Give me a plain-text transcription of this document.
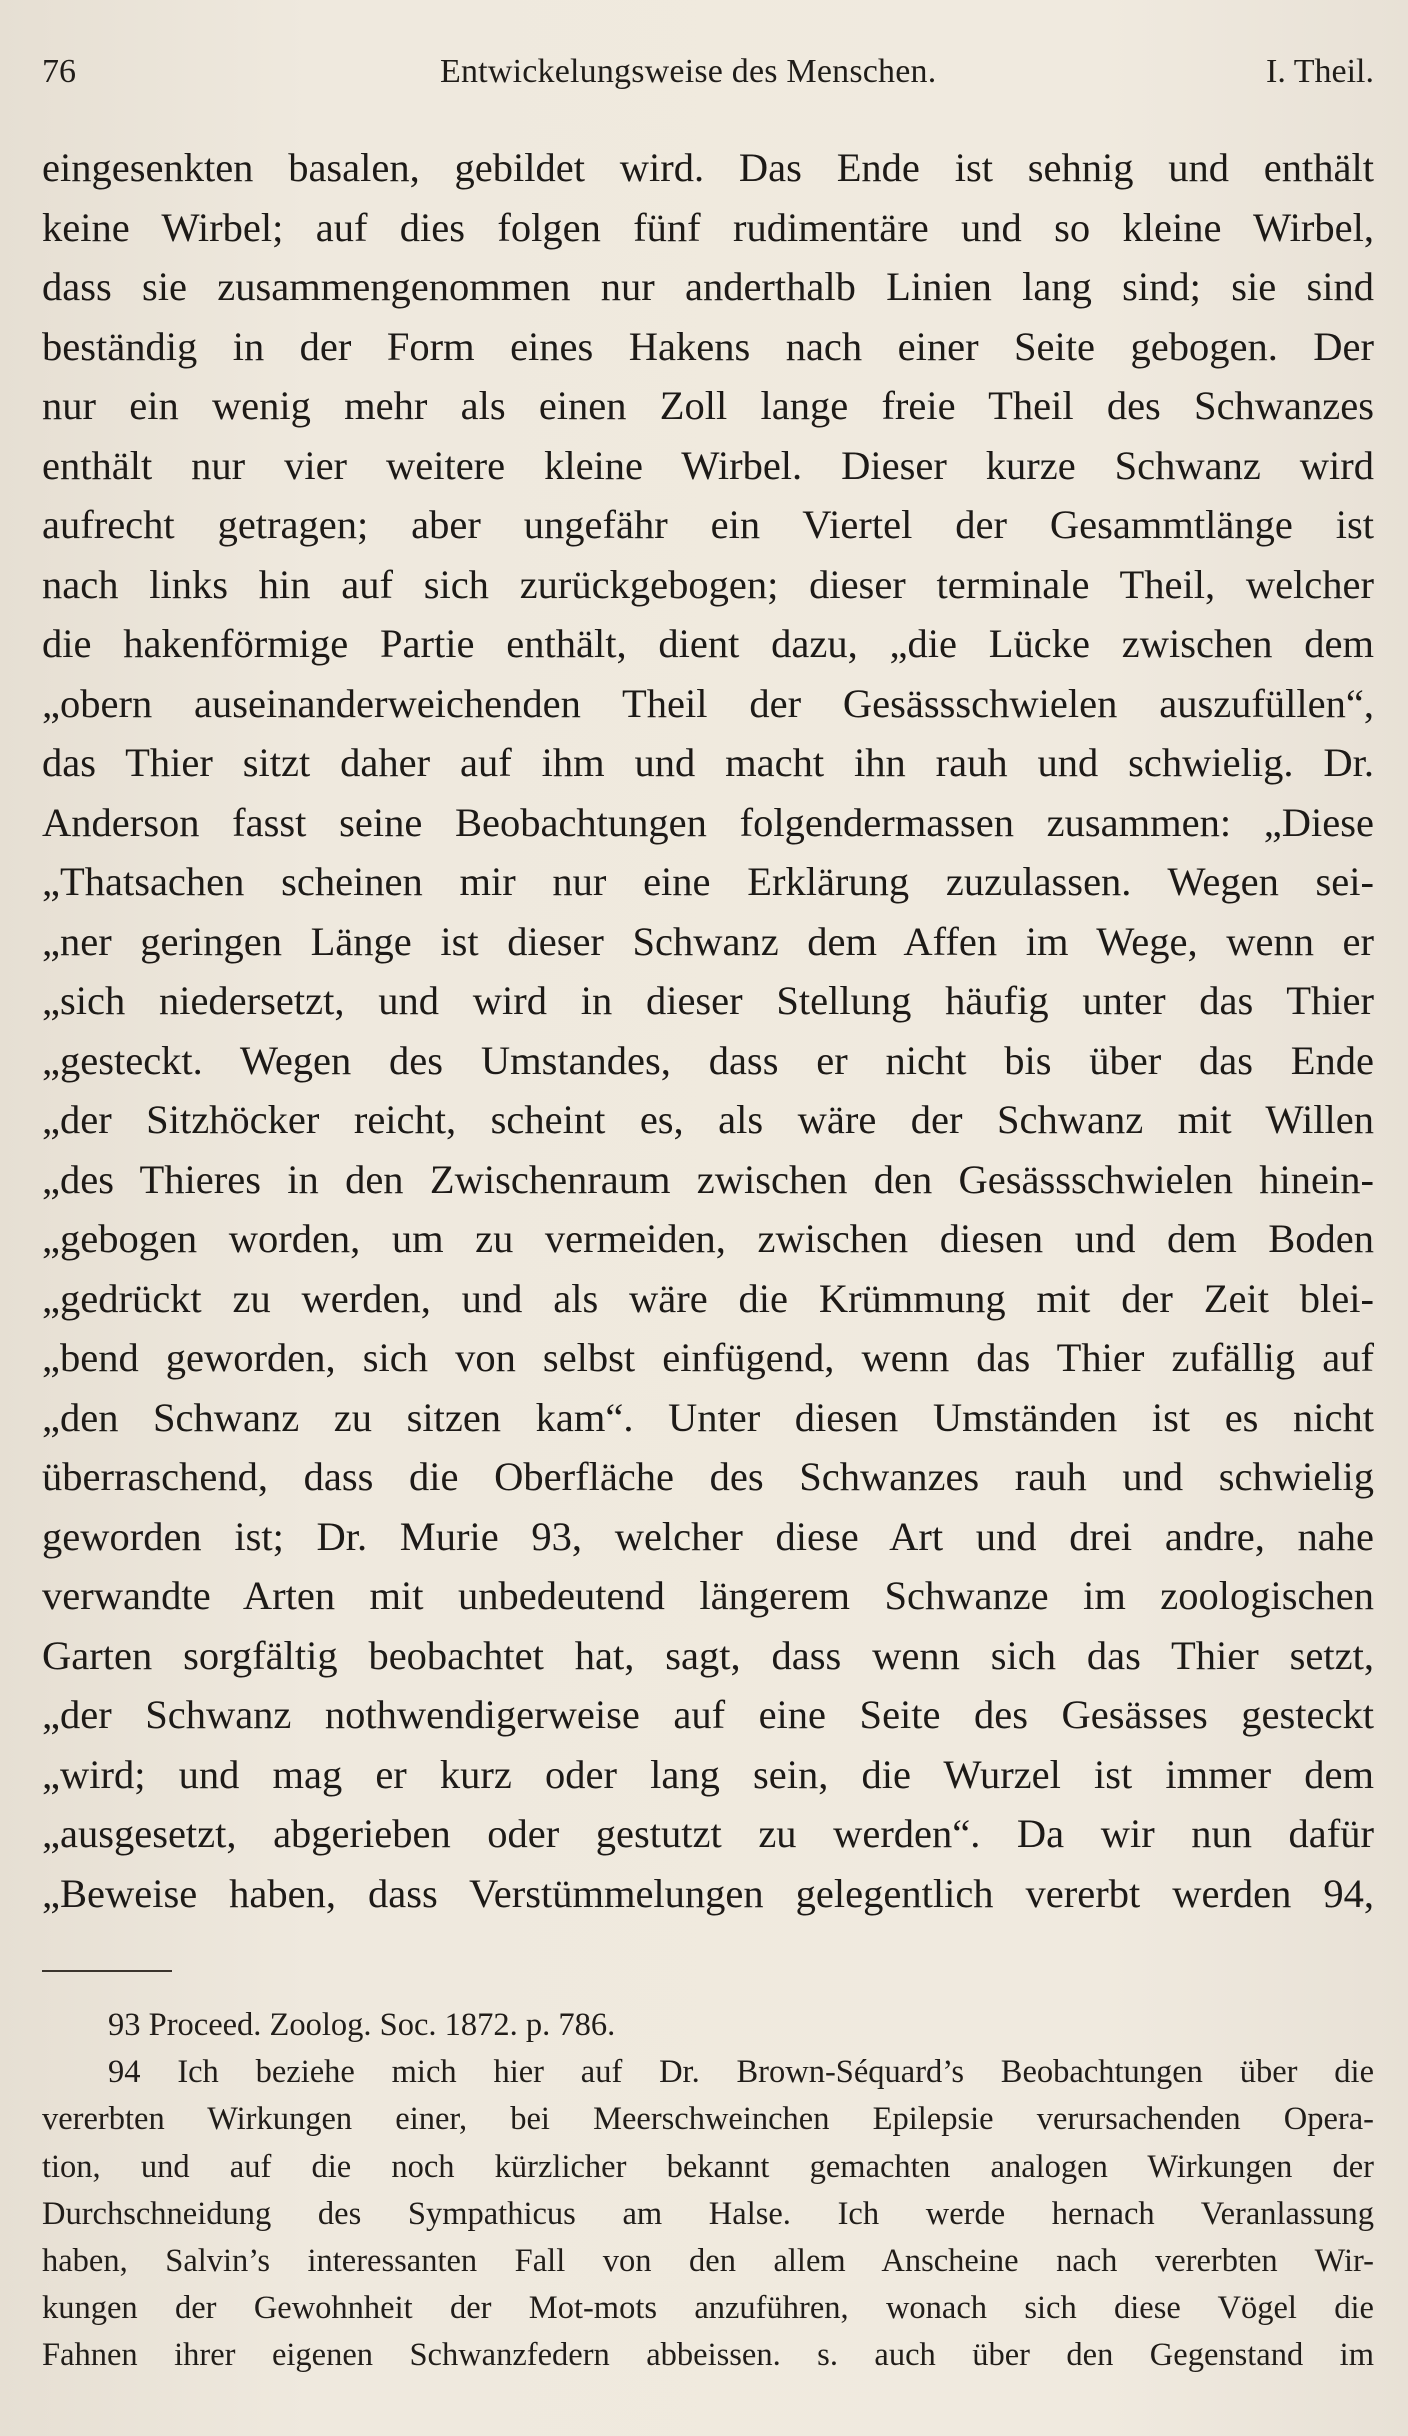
76	Entwickelungsweise des Menschen.	I. Theil.
eingesenkten basalen, gebildet wird. Das Ende ist sehnig und enthält
keine Wirbel; auf dies folgen fünf rudimentäre und so kleine Wirbel,
dass sie zusammengenommen nur anderthalb Linien lang sind; sie sind
beständig in der Form eines Hakens nach einer Seite gebogen. Der
nur ein wenig mehr als einen Zoll lange freie Theil des Schwanzes
enthält nur vier weitere kleine Wirbel. Dieser kurze Schwanz wird
aufrecht getragen; aber ungefähr ein Viertel der Gesammtlänge ist
nach links hin auf sich zurückgebogen; dieser terminale Theil, welcher
die hakenförmige Partie enthält, dient dazu, „die Lücke zwischen dem
„obern auseinanderweichenden Theil der Gesässschwielen auszufüllen“,
das Thier sitzt daher auf ihm und macht ihn rauh und schwielig. Dr.
Anderson fasst seine Beobachtungen folgendermassen zusammen: „Diese
„Thatsachen scheinen mir nur eine Erklärung zuzulassen. Wegen sei-
„ner geringen Länge ist dieser Schwanz dem Affen im Wege, wenn er
„sich niedersetzt, und wird in dieser Stellung häufig unter das Thier
„gesteckt. Wegen des Umstandes, dass er nicht bis über das Ende
„der Sitzhöcker reicht, scheint es, als wäre der Schwanz mit Willen
„des Thieres in den Zwischenraum zwischen den Gesässschwielen hinein-
„gebogen worden, um zu vermeiden, zwischen diesen und dem Boden
„gedrückt zu werden, und als wäre die Krümmung mit der Zeit blei-
„bend geworden, sich von selbst einfügend, wenn das Thier zufällig auf
„den Schwanz zu sitzen kam“. Unter diesen Umständen ist es nicht
überraschend, dass die Oberfläche des Schwanzes rauh und schwielig
geworden ist; Dr. Murie 93, welcher diese Art und drei andre, nahe
verwandte Arten mit unbedeutend längerem Schwanze im zoologischen
Garten sorgfältig beobachtet hat, sagt, dass wenn sich das Thier setzt,
„der Schwanz nothwendigerweise auf eine Seite des Gesässes gesteckt
„wird; und mag er kurz oder lang sein, die Wurzel ist immer dem
„ausgesetzt, abgerieben oder gestutzt zu werden“. Da wir nun dafür
„Beweise haben, dass Verstümmelungen gelegentlich vererbt werden 94,
93 Proceed. Zoolog. Soc. 1872. p. 786.
94 Ich beziehe mich hier auf Dr. Brown-Séquard’s Beobachtungen über die
vererbten Wirkungen einer, bei Meerschweinchen Epilepsie verursachenden Opera-
tion, und auf die noch kürzlicher bekannt gemachten analogen Wirkungen der
Durchschneidung des Sympathicus am Halse. Ich werde hernach Veranlassung
haben, Salvin’s interessanten Fall von den allem Anscheine nach vererbten Wir-
kungen der Gewohnheit der Mot-mots anzuführen, wonach sich diese Vögel die
Fahnen ihrer eigenen Schwanzfedern abbeissen. s. auch über den Gegenstand im
